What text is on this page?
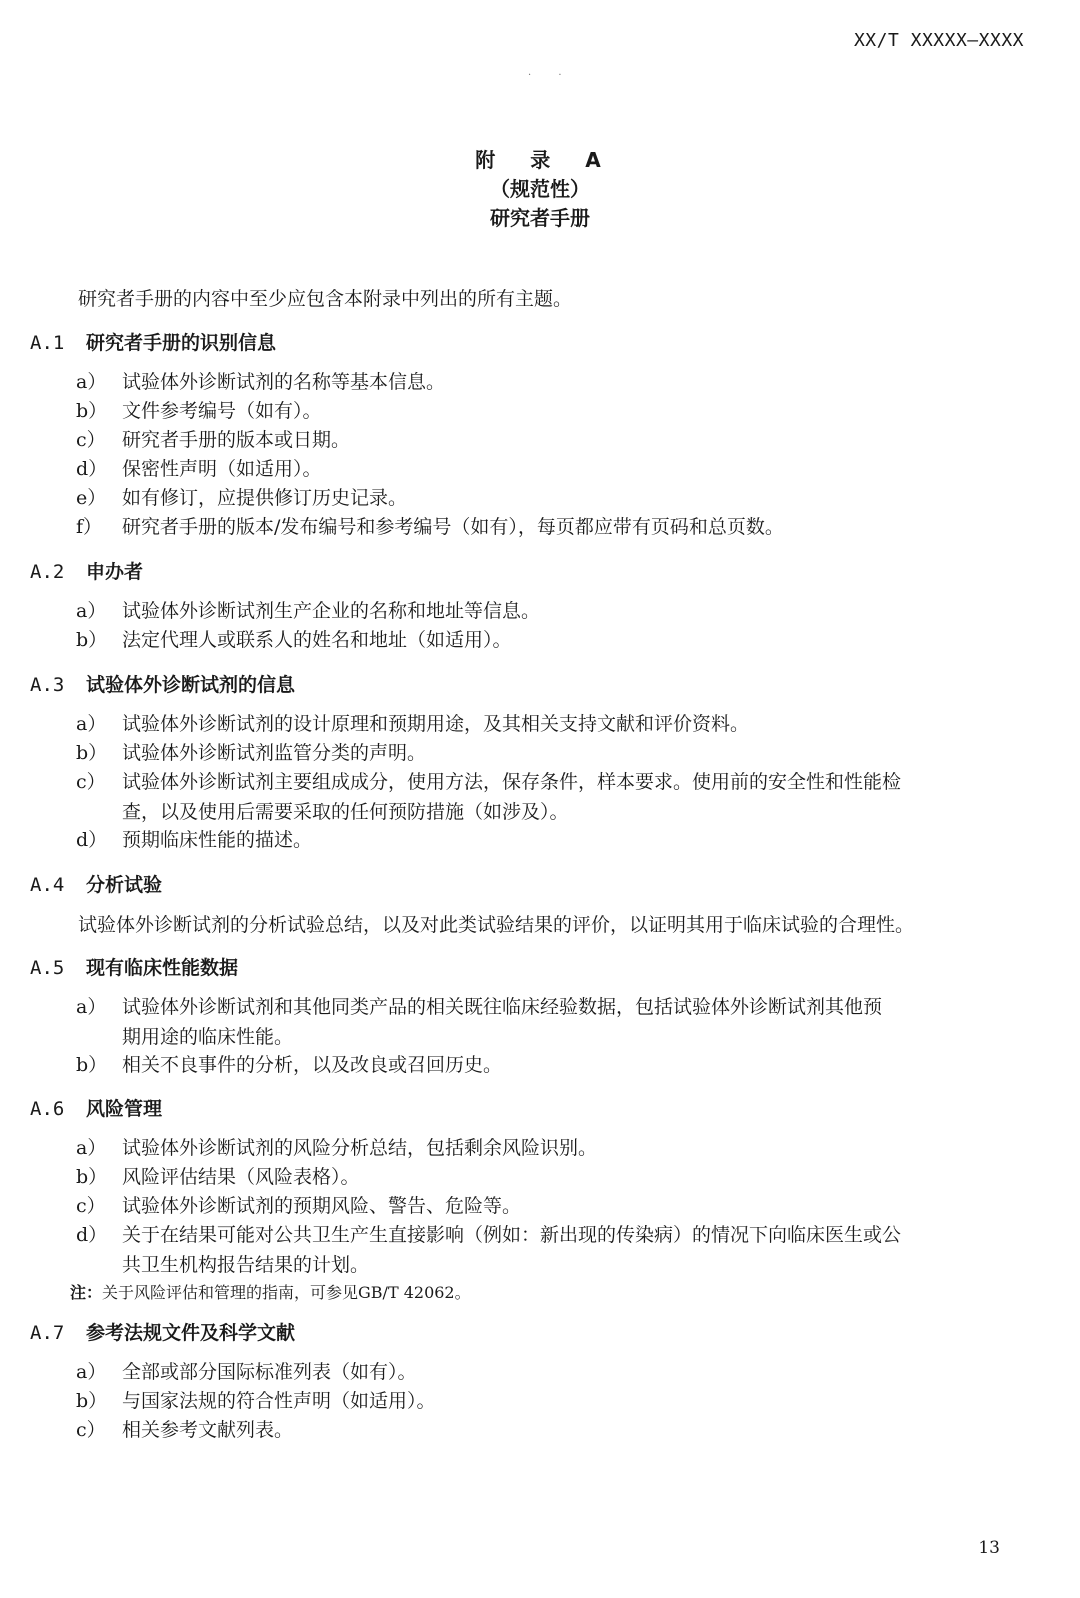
XX/T XXXXX—XXXX
· ·
附 录 A
（规范性）
研究者手册
研究者手册的内容中至少应包含本附录中列出的所有主题。
A.1 研究者手册的识别信息
a） 试验体外诊断试剂的名称等基本信息。
b） 文件参考编号（如有）。
c） 研究者手册的版本或日期。
d） 保密性声明（如适用）。
e） 如有修订，应提供修订历史记录。
f） 研究者手册的版本/发布编号和参考编号（如有），每页都应带有页码和总页数。
A.2 申办者
a） 试验体外诊断试剂生产企业的名称和地址等信息。
b） 法定代理人或联系人的姓名和地址（如适用）。
A.3 试验体外诊断试剂的信息
a） 试验体外诊断试剂的设计原理和预期用途，及其相关支持文献和评价资料。
b） 试验体外诊断试剂监管分类的声明。
c） 试验体外诊断试剂主要组成成分，使用方法，保存条件，样本要求。使用前的安全性和性能检
查，以及使用后需要采取的任何预防措施（如涉及）。
d） 预期临床性能的描述。
A.4 分析试验
试验体外诊断试剂的分析试验总结，以及对此类试验结果的评价，以证明其用于临床试验的合理性。
A.5 现有临床性能数据
a） 试验体外诊断试剂和其他同类产品的相关既往临床经验数据，包括试验体外诊断试剂其他预
期用途的临床性能。
b） 相关不良事件的分析，以及改良或召回历史。
A.6 风险管理
a） 试验体外诊断试剂的风险分析总结，包括剩余风险识别。
b） 风险评估结果（风险表格）。
c） 试验体外诊断试剂的预期风险、警告、危险等。
d） 关于在结果可能对公共卫生产生直接影响（例如：新出现的传染病）的情况下向临床医生或公
共卫生机构报告结果的计划。
注：关于风险评估和管理的指南，可参见GB/T 42062。
A.7 参考法规文件及科学文献
a） 全部或部分国际标准列表（如有）。
b） 与国家法规的符合性声明（如适用）。
c） 相关参考文献列表。
13
